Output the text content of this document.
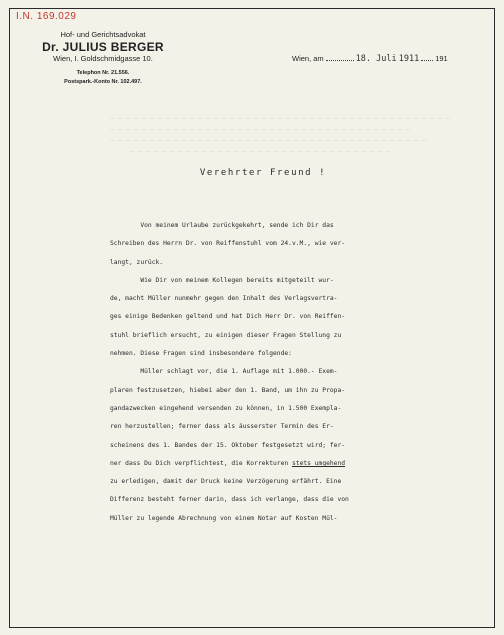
I.N. 169.029
Hof- und Gerichtsadvokat
Dr. JULIUS BERGER
Wien, I. Goldschmidgasse 10.
Telephon Nr. 21.556.
Postspark.-Konto Nr. 102.497.
Wien, am	18. Juli 1911 191
Verehrter Freund !
Von meinem Urlaube zurückgekehrt, sende ich Dir das
Schreiben des Herrn Dr. von Reiffenstuhl vom 24.v.M., wie ver-
langt, zurück.
Wie Dir von meinem Kollegen bereits mitgeteilt wur-
de, macht Müller nunmehr gegen den Inhalt des Verlagsvertra-
ges einige Bedenken geltend und hat Dich Herr Dr. von Reiffen-
stuhl brieflich ersucht, zu einigen dieser Fragen Stellung zu
nehmen. Diese Fragen sind insbesondere folgende:
Müller schlagt vor, die 1. Auflage mit 1.000.- Exem-
plaren festzusetzen, hiebei aber den 1. Band, um ihn zu Propa-
gandazwecken eingehend versenden zu können, in 1.500 Exempla-
ren herzustellen; ferner dass als äusserster Termin des Er-
scheinens des 1. Bandes der 15. Oktober festgesetzt wird; fer-
ner dass Du Dich verpflichtest, die Korrekturen stets umgehend
zu erledigen, damit der Druck keine Verzögerung erfährt. Eine
Differenz besteht ferner darin, dass ich verlange, dass die von
Müller zu legende Abrechnung von einem Notar auf Kosten Mül-
